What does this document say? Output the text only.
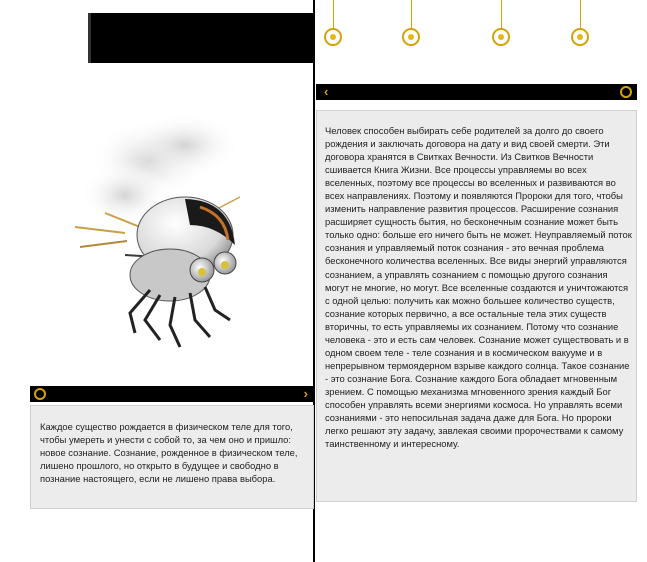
‹
›

Каждое существо рождается в физическом теле для того, чтобы умереть и унести с собой то, за чем оно и пришло: новое сознание. Сознание, рожденное в физическом теле, лишено прошлого, но открыто в будущее и свободно в познание настоящего, если не лишено права выбора.

Человек способен выбирать себе родителей за долго до своего рождения и заключать договора на дату и вид своей смерти. Эти договора хранятся в Свитках Вечности. Из Свитков Вечности сшивается Книга Жизни. Все процессы управляемы во всех вселенных, поэтому все процессы во вселенных и развиваются во всех направлениях. Поэтому и появляются Пророки для того, чтобы изменить направление развития процессов. Расширение сознания расширяет сущность бытия, но бесконечным сознание может быть только одно: больше его ничего быть не может. Неуправляемый поток сознания и управляемый поток сознания - это вечная проблема бесконечного количества вселенных. Все виды энергий управляются сознанием, а управлять сознанием с помощью другого сознания могут не многие, но могут. Все вселенные создаются и уничтожаются с одной целью: получить как можно большее количество существ, сознание которых первично, а все остальные тела этих существ вторичны, то есть управляемы их сознанием. Потому что сознание человека - это и есть сам человек. Сознание может существовать и в одном своем теле - теле сознания и в космическом вакууме и в непрерывном термоядерном взрыве каждого солнца. Такое сознание - это сознание Бога. Сознание каждого Бога обладает мгновенным зрением. С помощью механизма мгновенного зрения каждый Бог способен управлять всеми энергиями космоса. Но управлять всеми сознаниями - это непосильная задача даже для Бога. Но пророки легко решают эту задачу, завлекая своими пророчествами к самому таинственному и интересному.
